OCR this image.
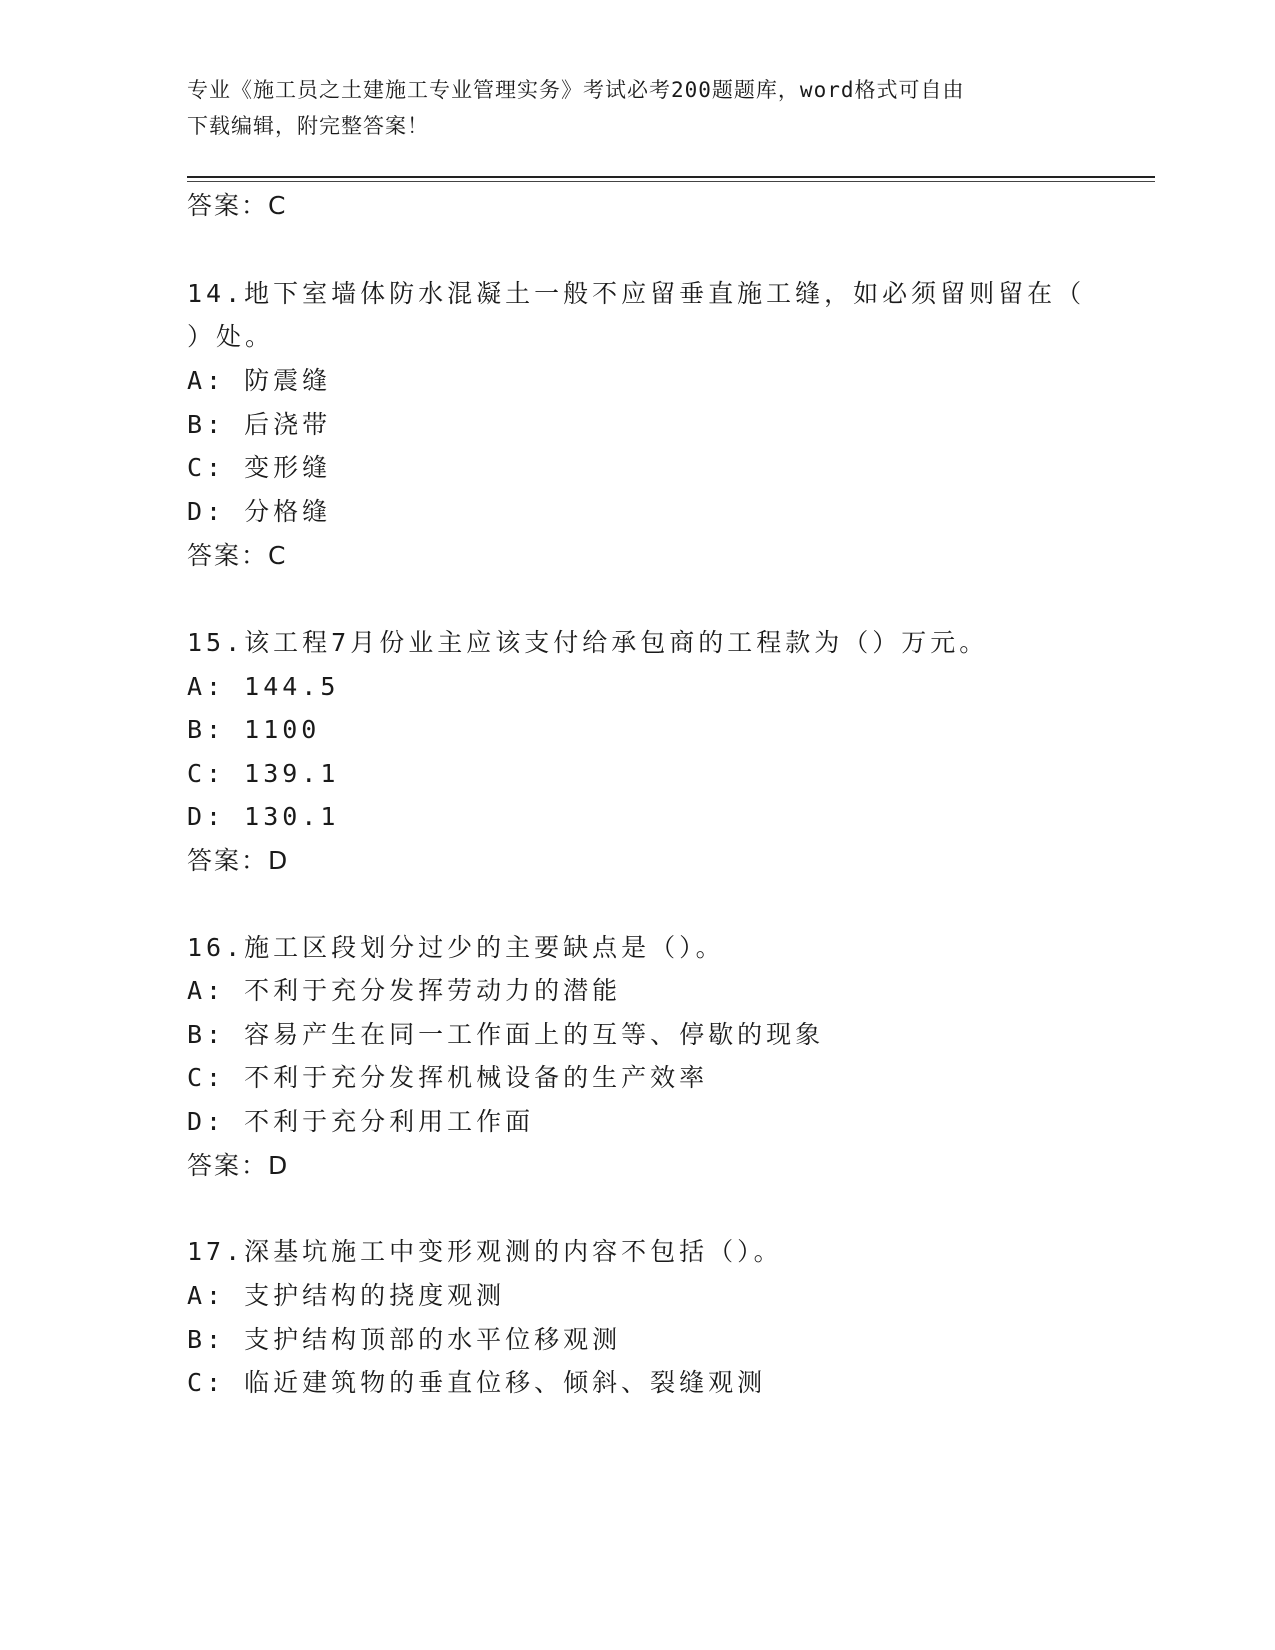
专业《施工员之土建施工专业管理实务》考试必考200题题库，word格式可自由
下载编辑，附完整答案！
答案：C
14.地下室墙体防水混凝土一般不应留垂直施工缝，如必须留则留在（
）处。
A: 防震缝
B: 后浇带
C: 变形缝
D: 分格缝
答案：C
15.该工程7月份业主应该支付给承包商的工程款为（）万元。
A: 144.5
B: 1100
C: 139.1
D: 130.1
答案：D
16.施工区段划分过少的主要缺点是（）。
A: 不利于充分发挥劳动力的潜能
B: 容易产生在同一工作面上的互等、停歇的现象
C: 不利于充分发挥机械设备的生产效率
D: 不利于充分利用工作面
答案：D
17.深基坑施工中变形观测的内容不包括（）。
A: 支护结构的挠度观测
B: 支护结构顶部的水平位移观测
C: 临近建筑物的垂直位移、倾斜、裂缝观测
